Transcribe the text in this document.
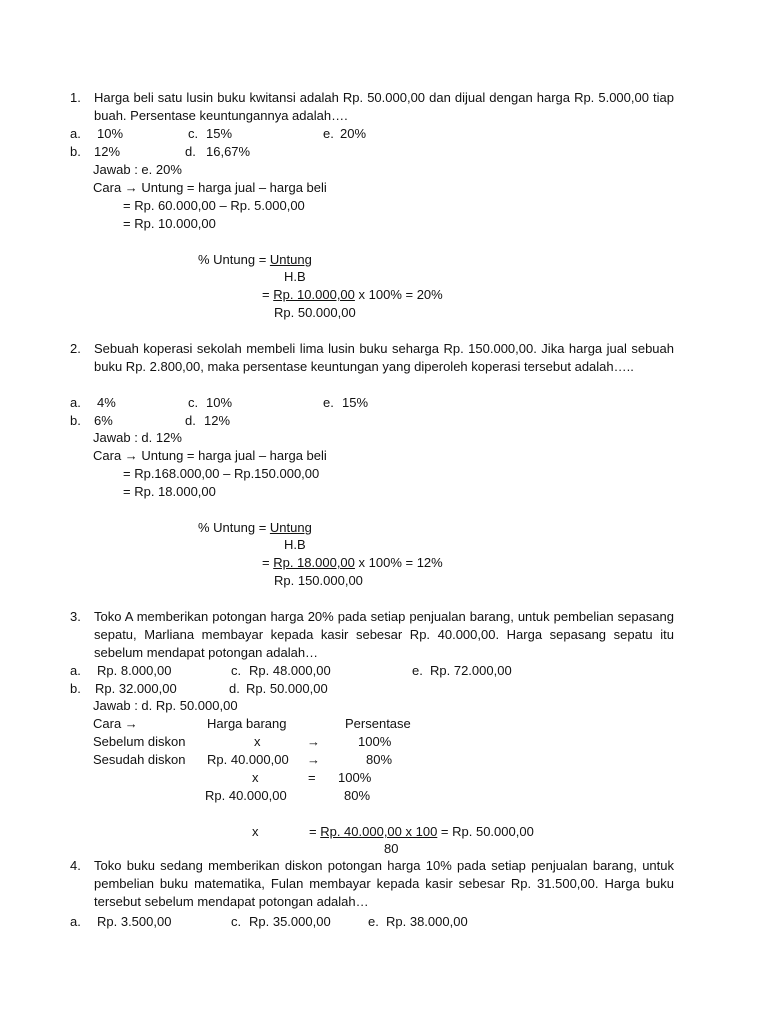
1. Harga beli satu lusin buku kwitansi adalah Rp. 50.000,00 dan dijual dengan harga Rp. 5.000,00 tiap buah. Persentase keuntungannya adalah….
a. 10%	c. 15%	e. 20%
b. 12%	d. 16,67%
Jawab : e. 20%
Cara → Untung = harga jual – harga beli
= Rp. 60.000,00 – Rp. 5.000,00
= Rp. 10.000,00
% Untung = Untung
H.B
= Rp. 10.000,00 x 100% = 20%
Rp. 50.000,00
2. Sebuah koperasi sekolah membeli lima lusin buku seharga Rp. 150.000,00. Jika harga jual sebuah buku Rp. 2.800,00, maka persentase keuntungan yang diperoleh koperasi tersebut adalah…..
a. 4%	c. 10%	e. 15%
b. 6%	d. 12%
Jawab : d. 12%
Cara → Untung = harga jual – harga beli
= Rp.168.000,00 – Rp.150.000,00
= Rp. 18.000,00
% Untung = Untung
H.B
= Rp. 18.000,00 x 100% = 12%
Rp. 150.000,00
3. Toko A memberikan potongan harga 20% pada setiap penjualan barang, untuk pembelian sepasang sepatu, Marliana membayar kepada kasir sebesar Rp. 40.000,00. Harga sepasang sepatu itu sebelum mendapat potongan adalah…
a. Rp. 8.000,00	c. Rp. 48.000,00	e. Rp. 72.000,00
b. Rp. 32.000,00	d. Rp. 50.000,00
Jawab : d. Rp. 50.000,00
Cara →	Harga barang	Persentase
Sebelum diskon	x	→	100%
Sesudah diskon Rp. 40.000,00 →	80%
x	= 100%
Rp. 40.000,00	80%
x	= Rp. 40.000,00 x 100 = Rp. 50.000,00
80
4. Toko buku sedang memberikan diskon potongan harga 10% pada setiap penjualan barang, untuk pembelian buku matematika, Fulan membayar kepada kasir sebesar Rp. 31.500,00. Harga buku tersebut sebelum mendapat potongan adalah…
a. Rp. 3.500,00	c. Rp. 35.000,00	e. Rp. 38.000,00
